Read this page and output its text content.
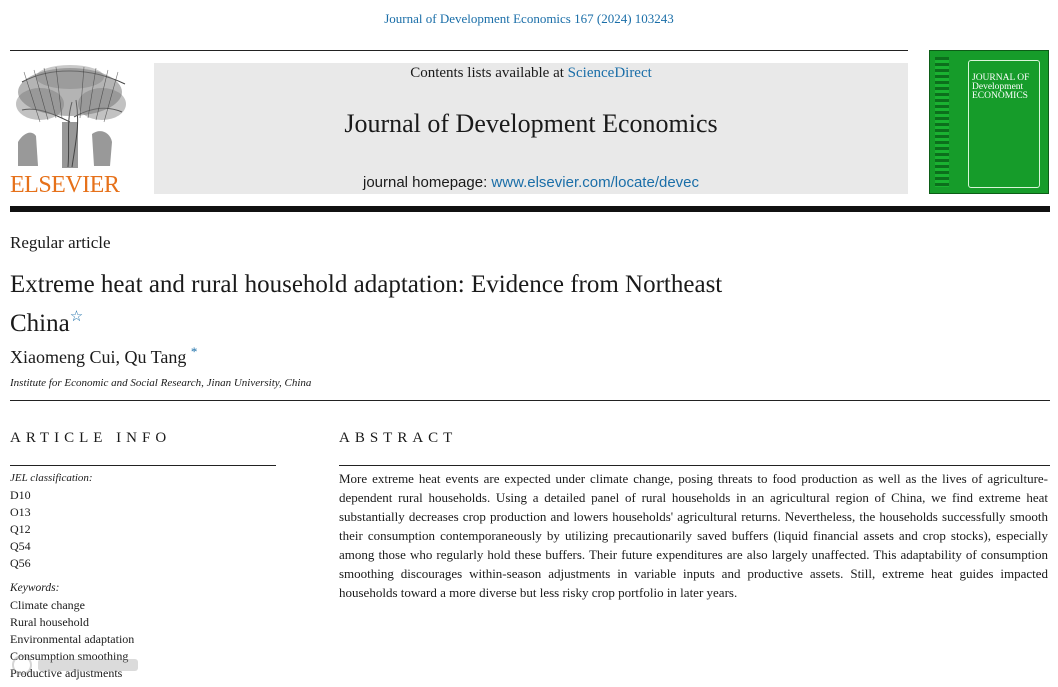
Journal of Development Economics 167 (2024) 103243
ELSEVIER
Contents lists available at ScienceDirect
Journal of Development Economics
journal homepage: www.elsevier.com/locate/devec
JOURNAL OF
Development
ECONOMICS
Regular article
Extreme heat and rural household adaptation: Evidence from Northeast
China☆
Xiaomeng Cui, Qu Tang *
Institute for Economic and Social Research, Jinan University, China
ARTICLE INFO
JEL classification:
D10
O13
Q12
Q54
Q56
Keywords:
Climate change
Rural household
Environmental adaptation
Consumption smoothing
Productive adjustments
ABSTRACT
More extreme heat events are expected under climate change, posing threats to food production as well as the lives of agriculture-dependent rural households. Using a detailed panel of rural households in an agricultural region of China, we find extreme heat substantially decreases crop production and lowers households' agricultural returns. Nevertheless, the households successfully smooth their consumption contemporaneously by utilizing precautionarily saved buffers (liquid financial assets and crop stocks), especially among those who regularly hold these buffers. Their future expenditures are also largely unaffected. This adaptability of consumption smoothing discourages within-season adjustments in variable inputs and productive assets. Still, extreme heat guides impacted households toward a more diverse but less risky crop portfolio in later years.
